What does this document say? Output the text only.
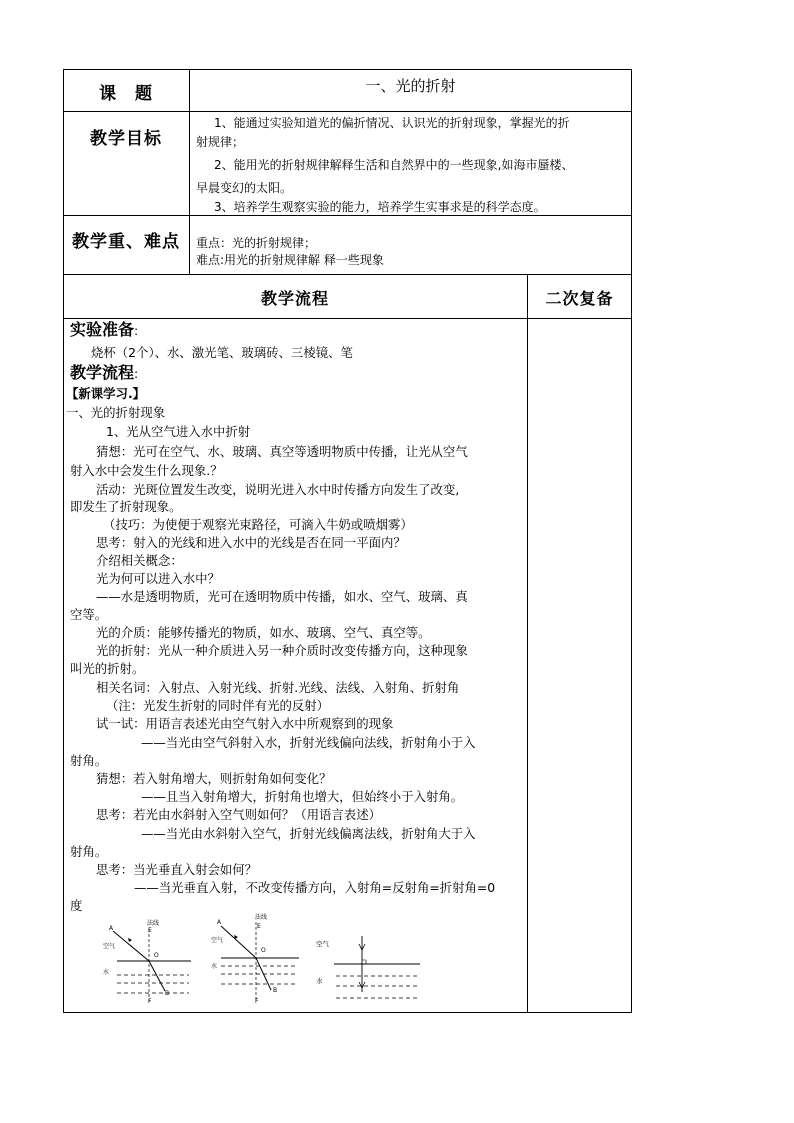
课　题	一、光的折射
教学目标
1、能通过实验知道光的偏折情况、认识光的折射现象，掌握光的折
射规律；
2、能用光的折射规律解释生活和自然界中的一些现象,如海市蜃楼、
早晨变幻的太阳。
3、培养学生观察实验的能力，培养学生实事求是的科学态度。
教学重、难点	重点：光的折射规律；
难点:用光的折射规律解 释一些现象
教学流程	二次复备
实验准备:
烧杯（2个）、水、激光笔、玻璃砖、三棱镜、笔
教学流程:
【新课学习.】
一、光的折射现象
1、光从空气进入水中折射
猜想：光可在空气、水、玻璃、真空等透明物质中传播，让光从空气
射入水中会发生什么现象.？
活动：光斑位置发生改变，说明光进入水中时传播方向发生了改变,
即发生了折射现象。
（技巧：为使便于观察光束路径，可滴入牛奶或喷烟雾）
思考：射入的光线和进入水中的光线是否在同一平面内？
介绍相关概念：
光为何可以进入水中？
——水是透明物质，光可在透明物质中传播，如水、空气、玻璃、真
空等。
光的介质：能够传播光的物质，如水、玻璃、空气、真空等。
光的折射：光从一种介质进入另一种介质时改变传播方向，这种现象
叫光的折射。
相关名词：入射点、入射光线、折射.光线、法线、入射角、折射角
（注：光发生折射的同时伴有光的反射）
试一试：用语言表述光由空气射入水中所观察到的现象
——当光由空气斜射入水，折射光线偏向法线，折射角小于入
射角。
猜想：若入射角增大，则折射角如何变化？
——且当入射角增大，折射角也增大，但始终小于入射角。
思考：若光由水斜射入空气则如何？（用语言表述）
——当光由水斜射入空气，折射光线偏离法线，折射角大于入
射角。
思考：当光垂直入射会如何？
——当光垂直入射，不改变传播方向，入射角=反射角=折射角=0
度
法线
A	E
空气
O
水
B
F
法线
A
E
空气
O
水
B
F
空气
水
